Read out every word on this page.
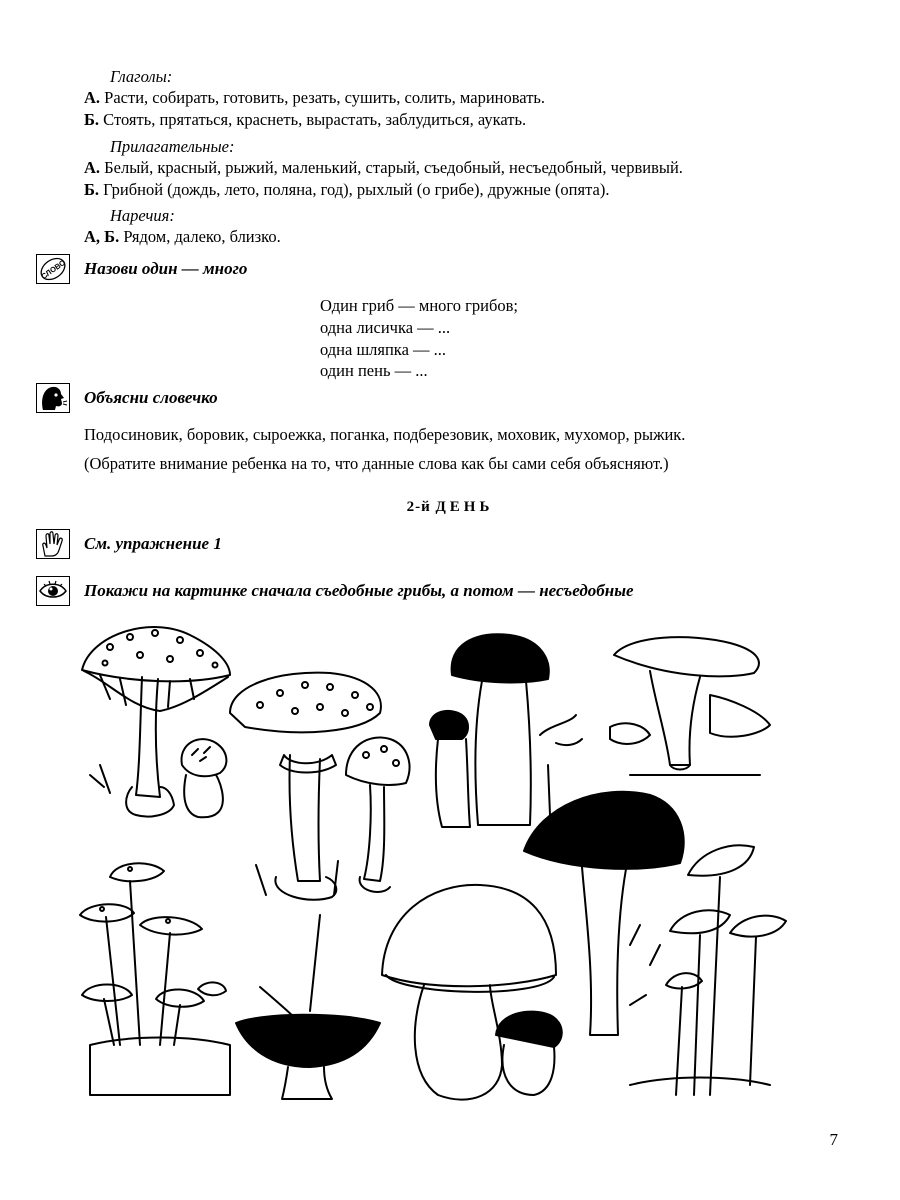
Глаголы:
А. Расти, собирать, готовить, резать, сушить, солить, мариновать.
Б. Стоять, прятаться, краснеть, вырастать, заблудиться, аукать.
Прилагательные:
А. Белый, красный, рыжий, маленький, старый, съедобный, несъедобный, червивый.
Б. Грибной (дождь, лето, поляна, год), рыхлый (о грибе), дружные (опята).
Наречия:
А, Б. Рядом, далеко, близко.
СЛОВО Назови один — много
Один гриб — много грибов;
одна лисичка — ...
одна шляпка — ...
один пень — ...
Объясни словечко
Подосиновик, боровик, сыроежка, поганка, подберезовик, моховик, мухомор, рыжик.
(Обратите внимание ребенка на то, что данные слова как бы сами себя объясняют.)
2-й ДЕНЬ
См. упражнение 1
Покажи на картинке сначала съедобные грибы, а потом — несъедобные
7
